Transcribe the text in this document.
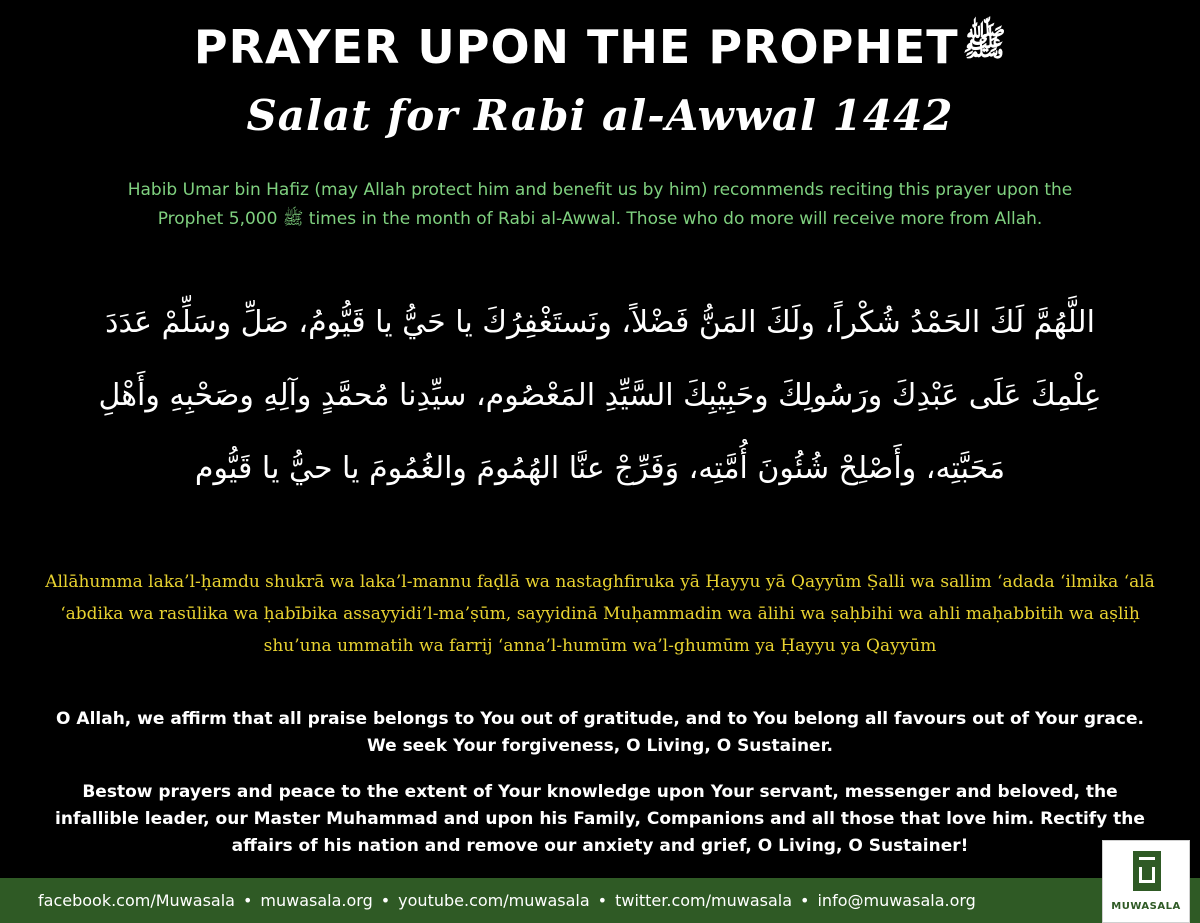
PRAYER UPON THE PROPHET ﷺ
Salat for Rabi al-Awwal 1442
Habib Umar bin Hafiz (may Allah protect him and benefit us by him) recommends reciting this prayer upon the Prophet ﷺ 5,000 times in the month of Rabi al-Awwal. Those who do more will receive more from Allah.
اللَّهُمَّ لَكَ الحَمْدُ شُكْراً، ولَكَ المَنُّ فَضْلاً، ونَستَغْفِرُكَ يا حَيُّ يا قَيُّومُ، صَلِّ وسَلِّمْ عَدَدَ عِلْمِكَ عَلَى عَبْدِكَ ورَسُولِكَ وحَبِيْبِكَ السَّيِّدِ المَعْصُوم، سيِّدِنا مُحمَّدٍ وآلِهِ وصَحْبِهِ وأَهْلِ مَحَبَّتِه، وأَصْلِحْ شُئُونَ أُمَّتِه، وَفَرِّجْ عنَّا الهُمُومَ والغُمُومَ يا حيُّ يا قَيُّوم
Allāhumma laka’l-ḥamdu shukrā wa laka’l-mannu faḍlā wa nastaghfiruka yā Ḥayyu yā Qayyūm Ṣalli wa sallim ‘adada ‘ilmika ‘alā ‘abdika wa rasūlika wa ḥabībika assayyidi’l-ma’ṣūm, sayyidinā Muḥammadin wa ālihi wa ṣaḥbihi wa ahli maḥabbitih wa aṣliḥ shu’una ummatih wa farrij ‘anna’l-humūm wa’l-ghumūm ya Ḥayyu ya Qayyūm
O Allah, we affirm that all praise belongs to You out of gratitude, and to You belong all favours out of Your grace. We seek Your forgiveness, O Living, O Sustainer.
Bestow prayers and peace to the extent of Your knowledge upon Your servant, messenger and beloved, the infallible leader, our Master Muhammad and upon his Family, Companions and all those that love him. Rectify the affairs of his nation and remove our anxiety and grief, O Living, O Sustainer!
facebook.com/Muwasala • muwasala.org • youtube.com/muwasala • twitter.com/muwasala • info@muwasala.org	MUWASALA
